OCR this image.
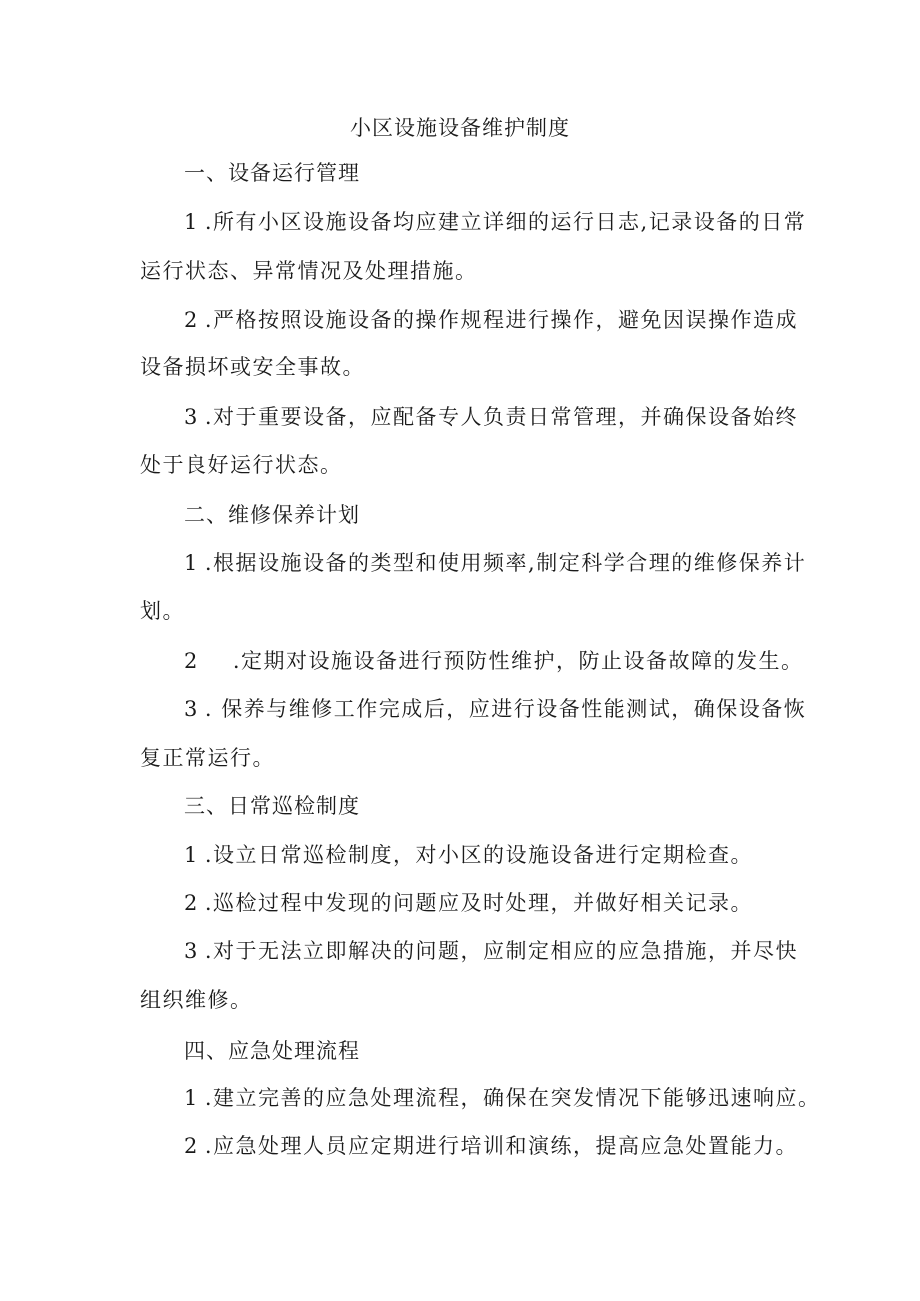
小区设施设备维护制度

一、设备运行管理

1 .所有小区设施设备均应建立详细的运行日志,记录设备的日常

运行状态、异常情况及处理措施。

2 .严格按照设施设备的操作规程进行操作，避免因误操作造成

设备损坏或安全事故。

3 .对于重要设备，应配备专人负责日常管理，并确保设备始终

处于良好运行状态。

二、维修保养计划

1 .根据设施设备的类型和使用频率,制定科学合理的维修保养计

划。

2 .定期对设施设备进行预防性维护，防止设备故障的发生。

3 . 保养与维修工作完成后，应进行设备性能测试，确保设备恢

复正常运行。

三、日常巡检制度

1 .设立日常巡检制度，对小区的设施设备进行定期检查。

2 .巡检过程中发现的问题应及时处理，并做好相关记录。

3 .对于无法立即解决的问题，应制定相应的应急措施，并尽快

组织维修。

四、应急处理流程

1 .建立完善的应急处理流程，确保在突发情况下能够迅速响应。

2 .应急处理人员应定期进行培训和演练，提高应急处置能力。
